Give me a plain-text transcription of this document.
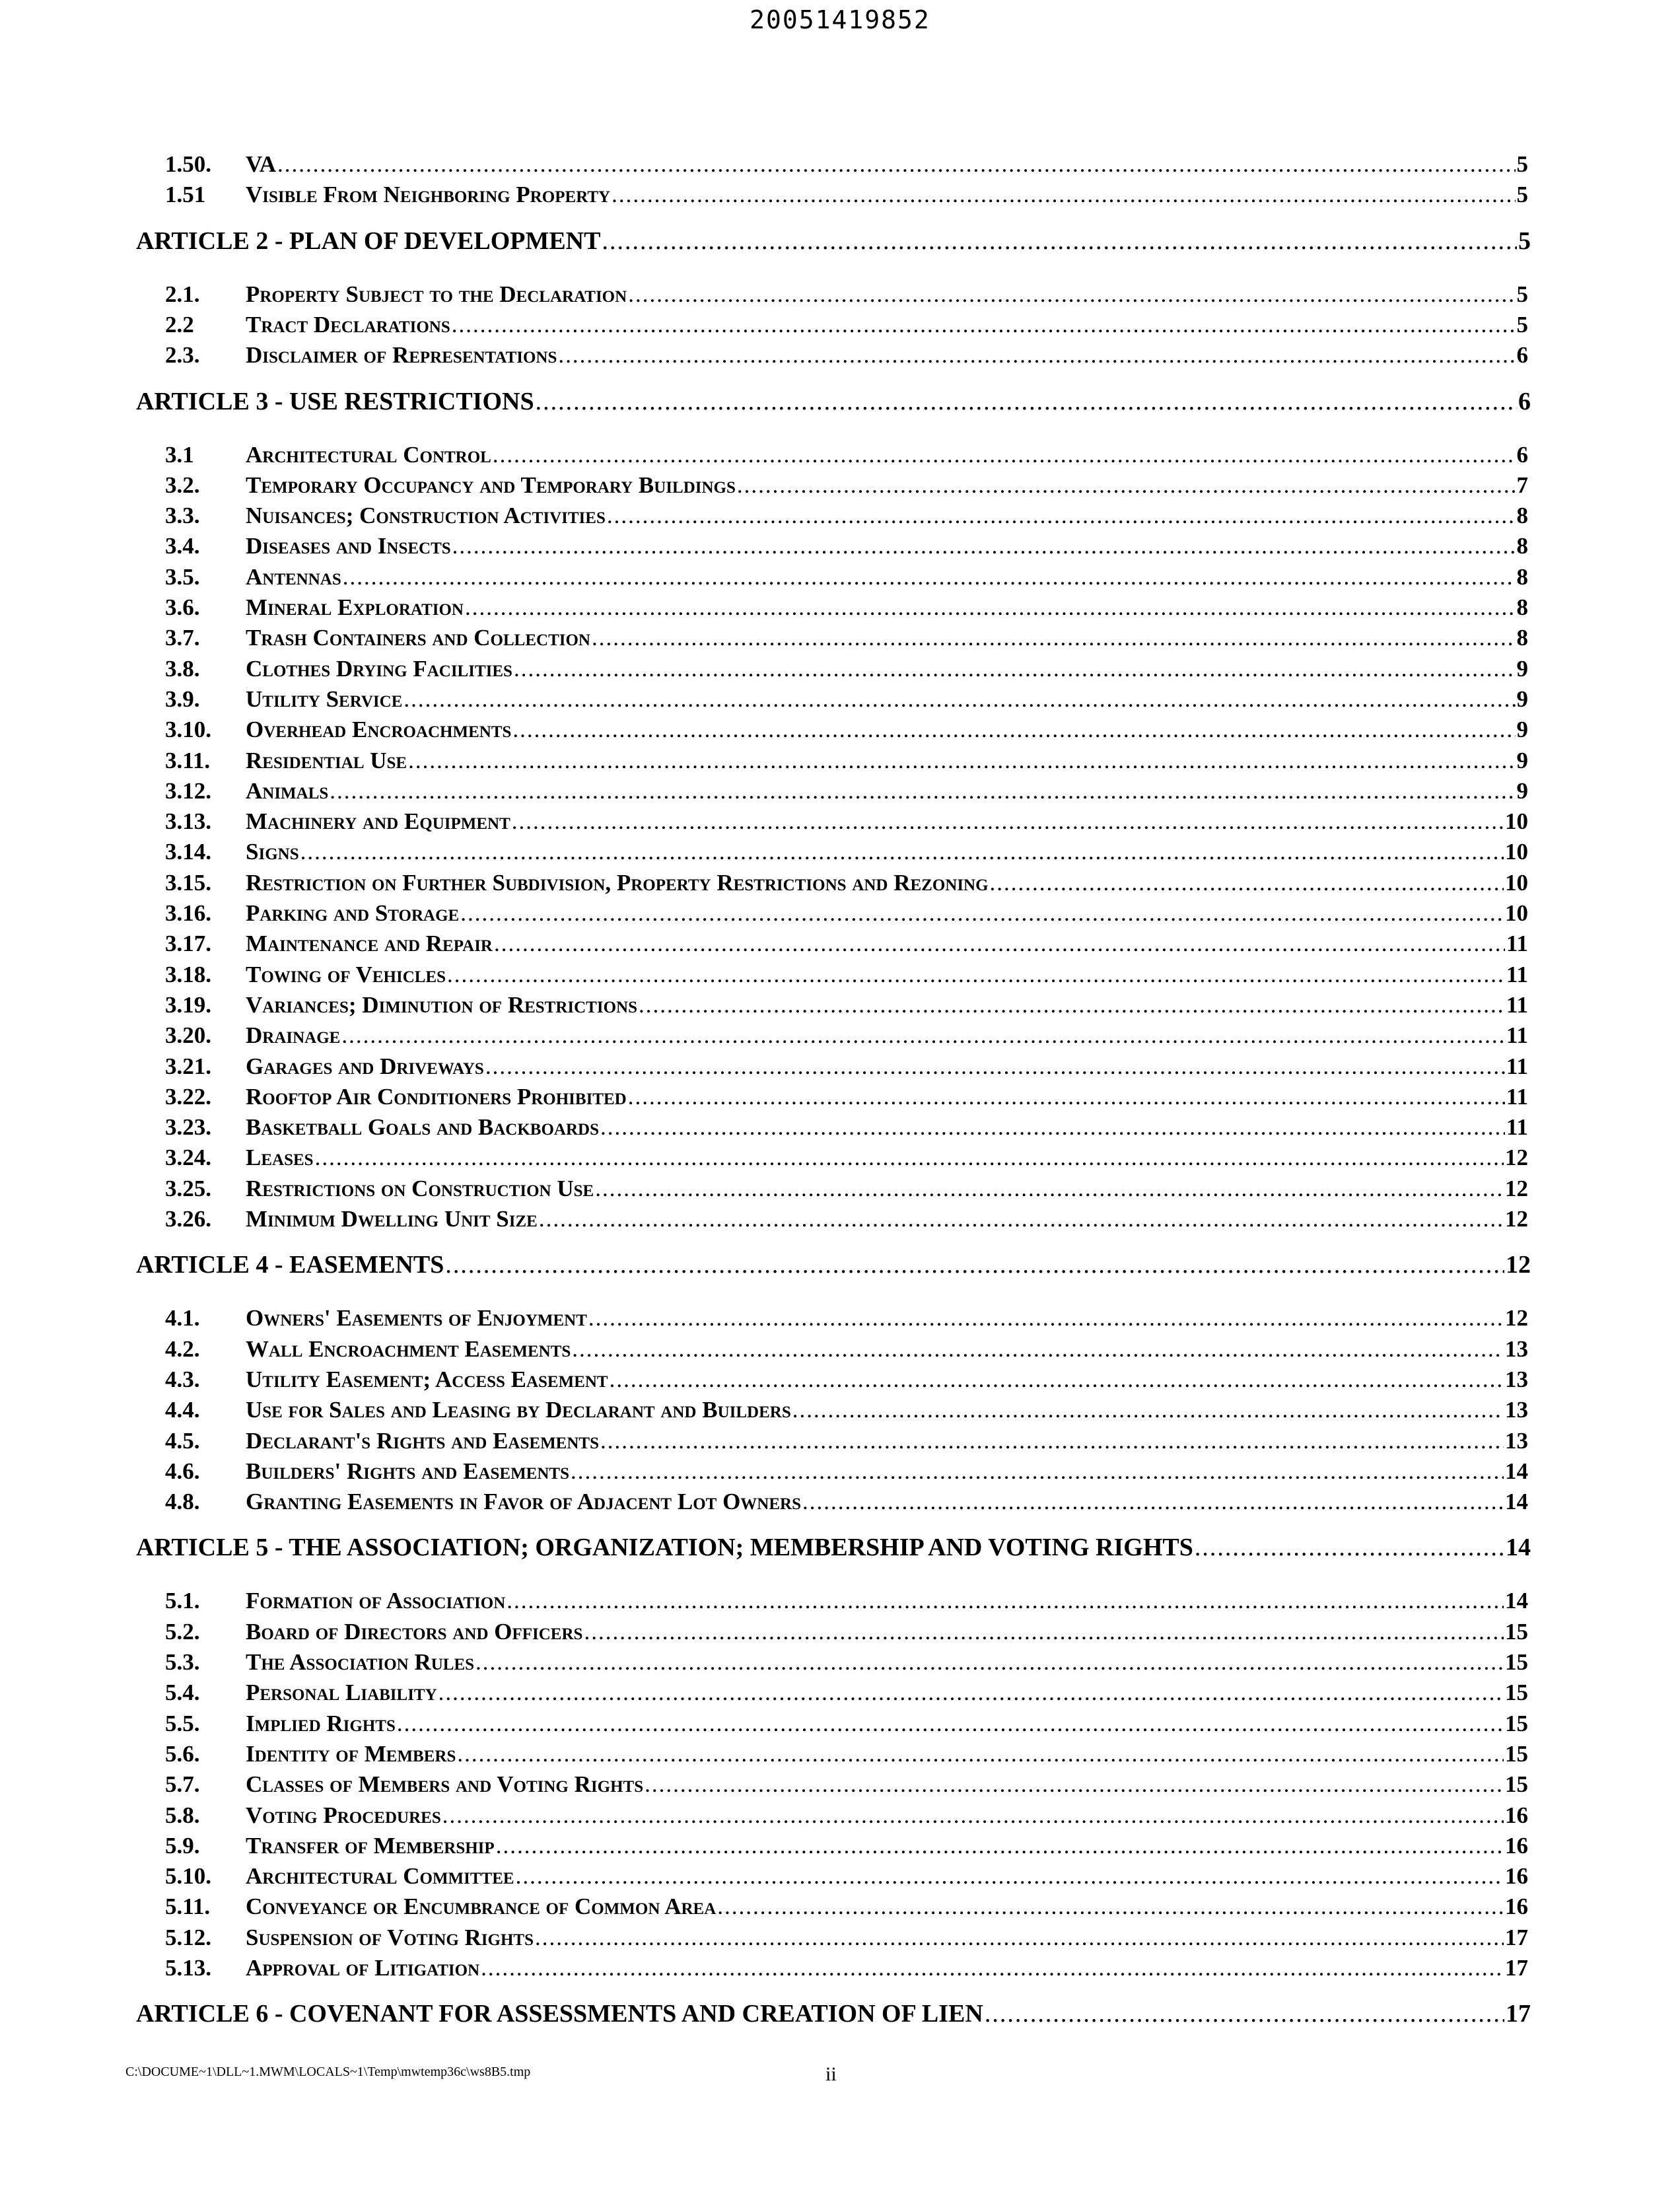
20051419852
1.50. VA .....	5
1.51 Visible From Neighboring Property .....	5
ARTICLE 2 - PLAN OF DEVELOPMENT .....	5
2.1. Property Subject to the Declaration .....	5
2.2 Tract Declarations .....	5
2.3. Disclaimer of Representations .....	6
ARTICLE 3 - USE RESTRICTIONS .....	6
3.1 Architectural Control .....	6
3.2. Temporary Occupancy and Temporary Buildings .....	7
3.3. Nuisances; Construction Activities .....	8
3.4. Diseases and Insects .....	8
3.5. Antennas .....	8
3.6. Mineral Exploration .....	8
3.7. Trash Containers and Collection .....	8
3.8. Clothes Drying Facilities .....	9
3.9. Utility Service .....	9
3.10. Overhead Encroachments .....	9
3.11. Residential Use .....	9
3.12. Animals .....	9
3.13. Machinery and Equipment .....	10
3.14. Signs .....	10
3.15. Restriction on Further Subdivision, Property Restrictions and Rezoning .....	10
3.16. Parking and Storage .....	10
3.17. Maintenance and Repair .....	11
3.18. Towing of Vehicles .....	11
3.19. Variances; Diminution of Restrictions .....	11
3.20. Drainage .....	11
3.21. Garages and Driveways .....	11
3.22. Rooftop Air Conditioners Prohibited .....	11
3.23. Basketball Goals and Backboards .....	11
3.24. Leases .....	12
3.25. Restrictions on Construction Use .....	12
3.26. Minimum Dwelling Unit Size .....	12
ARTICLE 4 - EASEMENTS .....	12
4.1. Owners' Easements of Enjoyment .....	12
4.2. Wall Encroachment Easements .....	13
4.3. Utility Easement; Access Easement .....	13
4.4. Use for Sales and Leasing by Declarant and Builders .....	13
4.5. Declarant's Rights and Easements .....	13
4.6. Builders' Rights and Easements .....	14
4.8. Granting Easements in Favor of Adjacent Lot Owners .....	14
ARTICLE 5 - THE ASSOCIATION; ORGANIZATION; MEMBERSHIP AND VOTING RIGHTS .....	14
5.1. Formation of Association .....	14
5.2. Board of Directors and Officers .....	15
5.3. The Association Rules .....	15
5.4. Personal Liability .....	15
5.5. Implied Rights .....	15
5.6. Identity of Members .....	15
5.7. Classes of Members and Voting Rights .....	15
5.8. Voting Procedures .....	16
5.9. Transfer of Membership .....	16
5.10. Architectural Committee .....	16
5.11. Conveyance or Encumbrance of Common Area .....	16
5.12. Suspension of Voting Rights .....	17
5.13. Approval of Litigation .....	17
ARTICLE 6 - COVENANT FOR ASSESSMENTS AND CREATION OF LIEN .....	17
C:\DOCUME~1\DLL~1.MWM\LOCALS~1\Temp\mwtemp36c\ws8B5.tmp	ii
